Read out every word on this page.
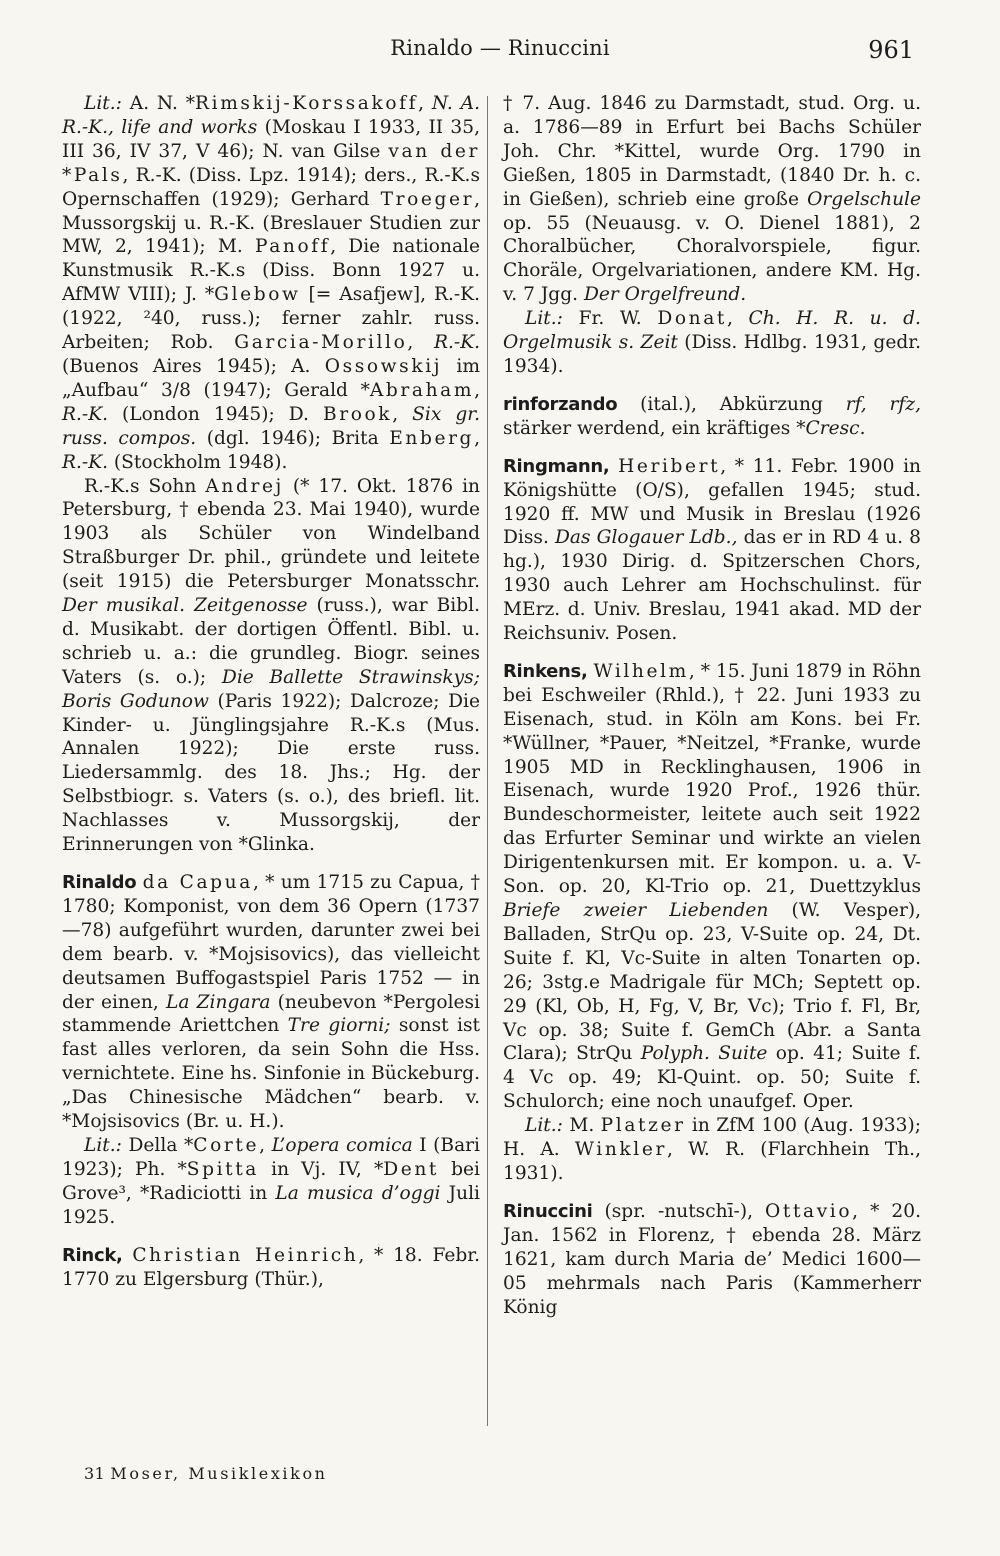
Rinaldo — Rinuccini	961

Lit.: A. N. *Rimskij-Korssakoff, N. A. R.-K., life and works (Moskau I 1933, II 35, III 36, IV 37, V 46); N. van Gilse van der *Pals, R.-K. (Diss. Lpz. 1914); ders., R.-K.s Opernschaffen (1929); Gerhard Troeger, Mussorgskij u. R.-K. (Breslauer Studien zur MW, 2, 1941); M. Panoff, Die nationale Kunstmusik R.-K.s (Diss. Bonn 1927 u. AfMW VIII); J. *Glebow [= Asafjew], R.-K. (1922, ²40, russ.); ferner zahlr. russ. Arbeiten; Rob. Garcia-Morillo, R.-K. (Buenos Aires 1945); A. Ossowskij im „Aufbau“ 3/8 (1947); Gerald *Abraham, R.-K. (London 1945); D. Brook, Six gr. russ. compos. (dgl. 1946); Brita Enberg, R.-K. (Stockholm 1948).

R.-K.s Sohn Andrej (* 17. Okt. 1876 in Petersburg, † ebenda 23. Mai 1940), wurde 1903 als Schüler von Windelband Straßburger Dr. phil., gründete und leitete (seit 1915) die Petersburger Monatsschr. Der musikal. Zeitgenosse (russ.), war Bibl. d. Musikabt. der dortigen Öffentl. Bibl. u. schrieb u. a.: die grundleg. Biogr. seines Vaters (s. o.); Die Ballette Strawinskys; Boris Godunow (Paris 1922); Dalcroze; Die Kinder- u. Jünglingsjahre R.-K.s (Mus. Annalen 1922); Die erste russ. Liedersammlg. des 18. Jhs.; Hg. der Selbstbiogr. s. Vaters (s. o.), des briefl. lit. Nachlasses v. Mussorgskij, der Erinnerungen von *Glinka.

Rinaldo da Capua, * um 1715 zu Capua, † 1780; Komponist, von dem 36 Opern (1737—78) aufgeführt wurden, darunter zwei bei dem bearb. v. *Mojsisovics), das vielleicht deutsamen Buffogastspiel Paris 1752 — in der einen, La Zingara (neubevon *Pergolesi stammende Ariettchen Tre giorni; sonst ist fast alles verloren, da sein Sohn die Hss. vernichtete. Eine hs. Sinfonie in Bückeburg. „Das Chinesische Mädchen“ bearb. v. *Mojsisovics (Br. u. H.).

Lit.: Della *Corte, L’opera comica I (Bari 1923); Ph. *Spitta in Vj. IV, *Dent bei Grove³, *Radiciotti in La musica d’oggi Juli 1925.

Rinck, Christian Heinrich, * 18. Febr. 1770 zu Elgersburg (Thür.),

† 7. Aug. 1846 zu Darmstadt, stud. Org. u. a. 1786—89 in Erfurt bei Bachs Schüler Joh. Chr. *Kittel, wurde Org. 1790 in Gießen, 1805 in Darmstadt, (1840 Dr. h. c. in Gießen), schrieb eine große Orgelschule op. 55 (Neuausg. v. O. Dienel 1881), 2 Choralbücher, Choralvorspiele, figur. Choräle, Orgelvariationen, andere KM. Hg. v. 7 Jgg. Der Orgelfreund.

Lit.: Fr. W. Donat, Ch. H. R. u. d. Orgelmusik s. Zeit (Diss. Hdlbg. 1931, gedr. 1934).

rinforzando (ital.), Abkürzung rf, rfz, stärker werdend, ein kräftiges *Cresc.

Ringmann, Heribert, * 11. Febr. 1900 in Königshütte (O/S), gefallen 1945; stud. 1920 ff. MW und Musik in Breslau (1926 Diss. Das Glogauer Ldb., das er in RD 4 u. 8 hg.), 1930 Dirig. d. Spitzerschen Chors, 1930 auch Lehrer am Hochschulinst. für MErz. d. Univ. Breslau, 1941 akad. MD der Reichsuniv. Posen.

Rinkens, Wilhelm, * 15. Juni 1879 in Röhn bei Eschweiler (Rhld.), † 22. Juni 1933 zu Eisenach, stud. in Köln am Kons. bei Fr. *Wüllner, *Pauer, *Neitzel, *Franke, wurde 1905 MD in Recklinghausen, 1906 in Eisenach, wurde 1920 Prof., 1926 thür. Bundeschormeister, leitete auch seit 1922 das Erfurter Seminar und wirkte an vielen Dirigentenkursen mit. Er kompon. u. a. V-Son. op. 20, Kl-Trio op. 21, Duettzyklus Briefe zweier Liebenden (W. Vesper), Balladen, StrQu op. 23, V-Suite op. 24, Dt. Suite f. Kl, Vc-Suite in alten Tonarten op. 26; 3stg.e Madrigale für MCh; Septett op. 29 (Kl, Ob, H, Fg, V, Br, Vc); Trio f. Fl, Br, Vc op. 38; Suite f. GemCh (Abr. a Santa Clara); StrQu Polyph. Suite op. 41; Suite f. 4 Vc op. 49; Kl-Quint. op. 50; Suite f. Schulorch; eine noch unaufgef. Oper.

Lit.: M. Platzer in ZfM 100 (Aug. 1933); H. A. Winkler, W. R. (Flarchhein Th., 1931).

Rinuccini (spr. -nutschī-), Ottavio, * 20. Jan. 1562 in Florenz, † ebenda 28. März 1621, kam durch Maria de’ Medici 1600—05 mehrmals nach Paris (Kammerherr König

31 Moser, Musiklexikon
